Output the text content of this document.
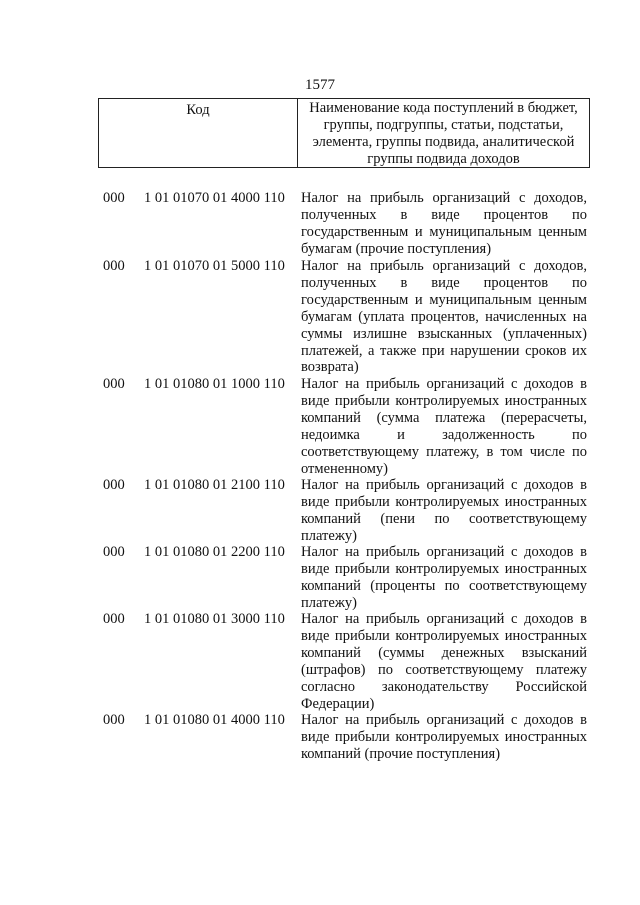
1577
Код	Наименование кода поступлений в бюджет,
группы, подгруппы, статьи, подстатьи,
элемента, группы подвида, аналитической
группы подвида доходов
000 1 01 01070 01 4000 110 Налог на прибыль организаций с доходов,
полученных в виде процентов по
государственным и муниципальным ценным
бумагам (прочие поступления)
000 1 01 01070 01 5000 110 Налог на прибыль организаций с доходов,
полученных в виде процентов по
государственным и муниципальным ценным
бумагам (уплата процентов, начисленных на
суммы излишне взысканных (уплаченных)
платежей, а также при нарушении сроков их
возврата)
000 1 01 01080 01 1000 110 Налог на прибыль организаций с доходов в
виде прибыли контролируемых иностранных
компаний (сумма платежа (перерасчеты,
недоимка и задолженность по
соответствующему платежу, в том числе по
отмененному)
000 1 01 01080 01 2100 110 Налог на прибыль организаций с доходов в
виде прибыли контролируемых иностранных
компаний (пени по соответствующему
платежу)
000 1 01 01080 01 2200 110 Налог на прибыль организаций с доходов в
виде прибыли контролируемых иностранных
компаний (проценты по соответствующему
платежу)
000 1 01 01080 01 3000 110 Налог на прибыль организаций с доходов в
виде прибыли контролируемых иностранных
компаний (суммы денежных взысканий
(штрафов) по соответствующему платежу
согласно законодательству Российской
Федерации)
000 1 01 01080 01 4000 110 Налог на прибыль организаций с доходов в
виде прибыли контролируемых иностранных
компаний (прочие поступления)
